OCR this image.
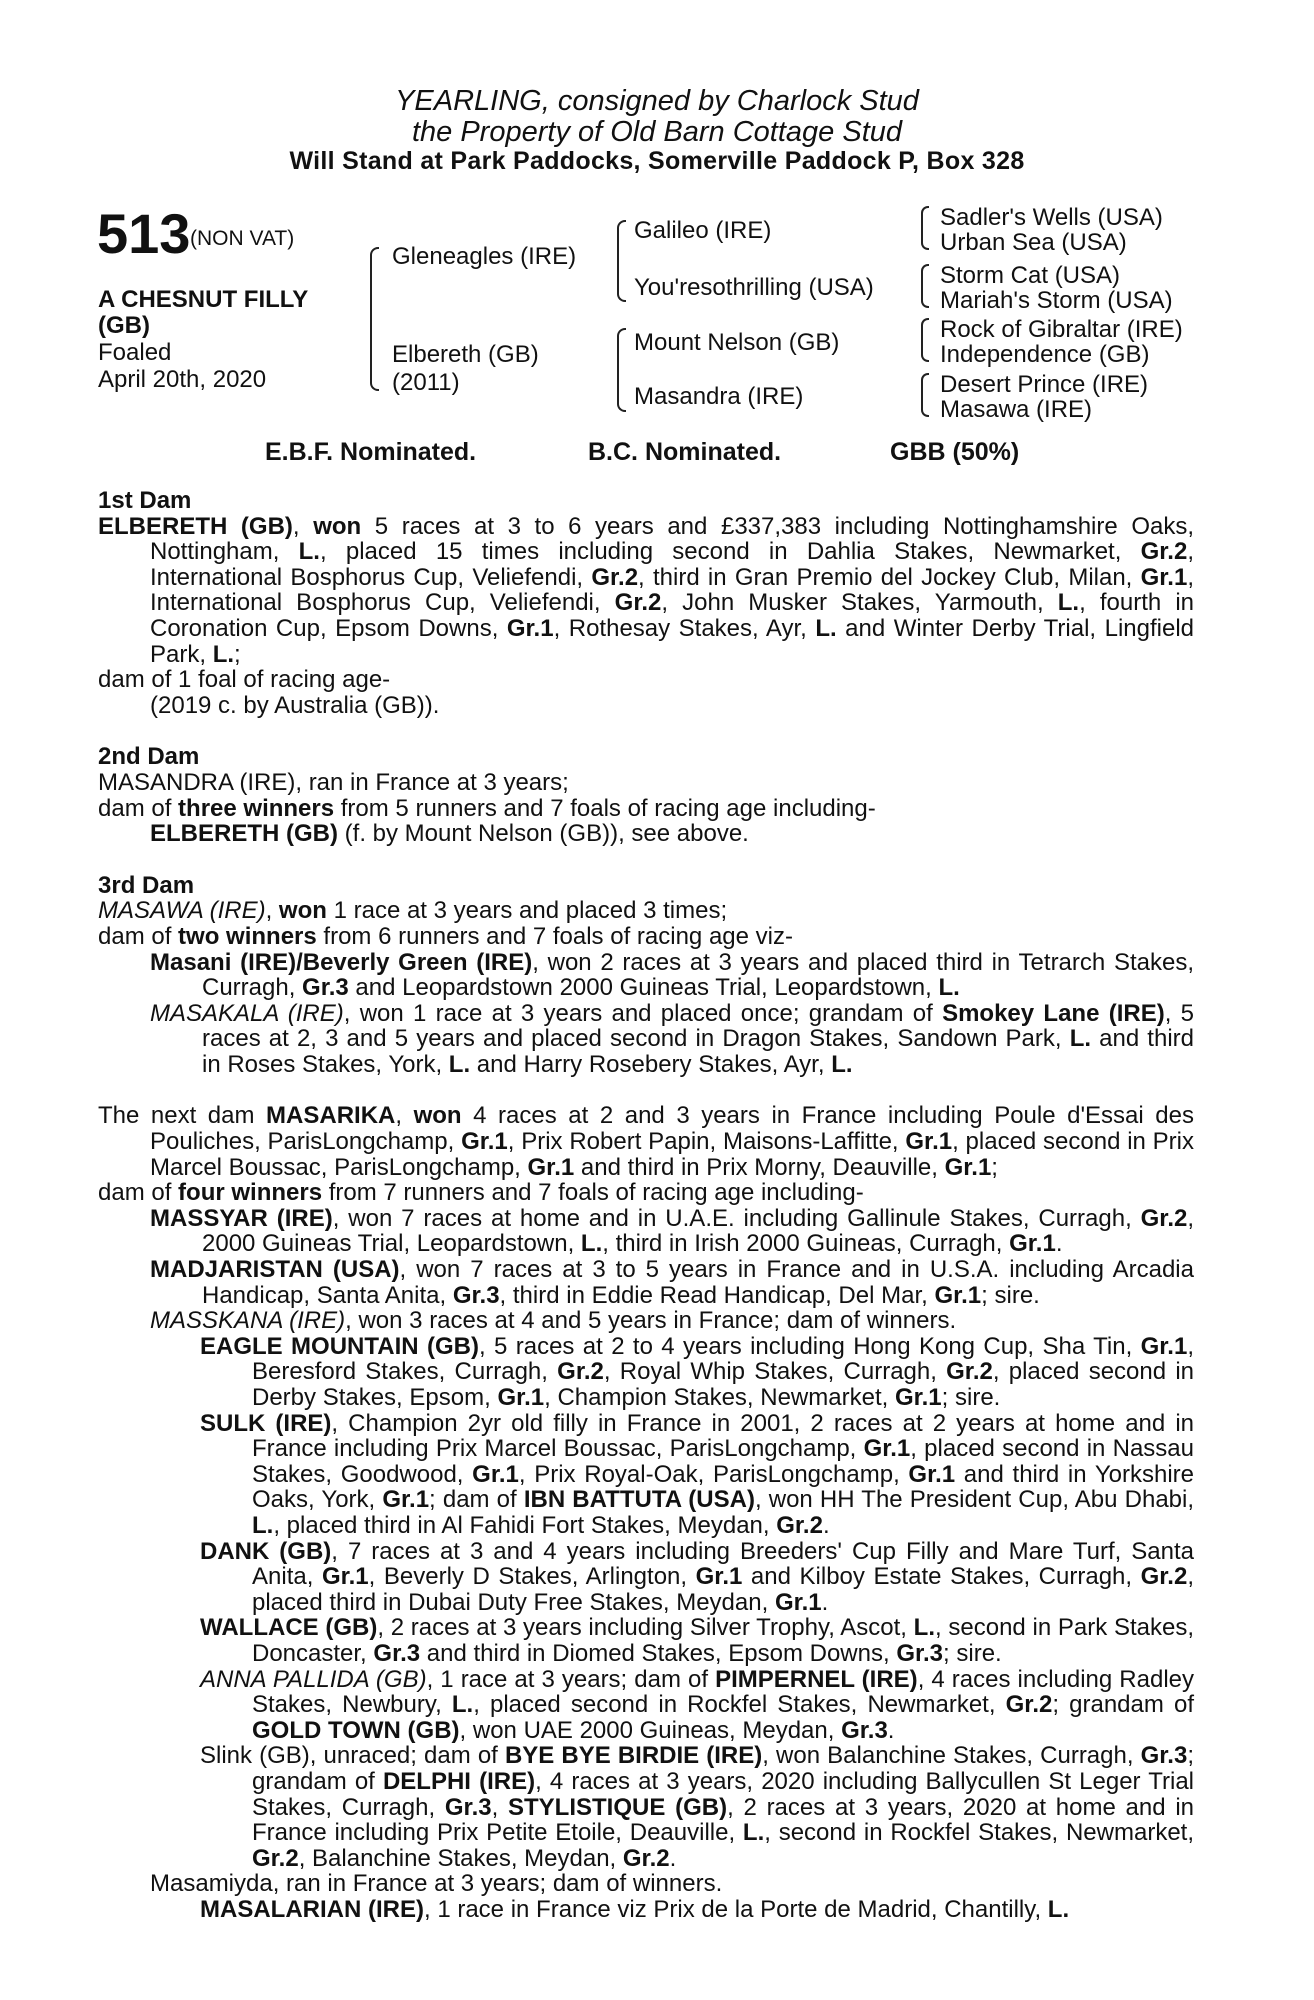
YEARLING, consigned by Charlock Stud
the Property of Old Barn Cottage Stud
Will Stand at Park Paddocks, Somerville Paddock P, Box 328
513 (NON VAT)
A CHESNUT FILLY
(GB)
Foaled
April 20th, 2020
Gleneagles (IRE)
Elbereth (GB)
(2011)
Galileo (IRE)
You'resothrilling (USA)
Mount Nelson (GB)
Masandra (IRE)
Sadler's Wells (USA)
Urban Sea (USA)
Storm Cat (USA)
Mariah's Storm (USA)
Rock of Gibraltar (IRE)
Independence (GB)
Desert Prince (IRE)
Masawa (IRE)
E.B.F. Nominated.	B.C. Nominated.	GBB (50%)
1st Dam

ELBERETH (GB), won 5 races at 3 to 6 years and £337,383 including Nottinghamshire Oaks, Nottingham, L., placed 15 times including second in Dahlia Stakes, Newmarket, Gr.2, International Bosphorus Cup, Veliefendi, Gr.2, third in Gran Premio del Jockey Club, Milan, Gr.1, International Bosphorus Cup, Veliefendi, Gr.2, John Musker Stakes, Yarmouth, L., fourth in Coronation Cup, Epsom Downs, Gr.1, Rothesay Stakes, Ayr, L. and Winter Derby Trial, Lingfield Park, L.;

dam of 1 foal of racing age-

(2019 c. by Australia (GB)).

2nd Dam

MASANDRA (IRE), ran in France at 3 years;

dam of three winners from 5 runners and 7 foals of racing age including-

ELBERETH (GB) (f. by Mount Nelson (GB)), see above.

3rd Dam

MASAWA (IRE), won 1 race at 3 years and placed 3 times;

dam of two winners from 6 runners and 7 foals of racing age viz-

Masani (IRE)/Beverly Green (IRE), won 2 races at 3 years and placed third in Tetrarch Stakes, Curragh, Gr.3 and Leopardstown 2000 Guineas Trial, Leopardstown, L.

MASAKALA (IRE), won 1 race at 3 years and placed once; grandam of Smokey Lane (IRE), 5 races at 2, 3 and 5 years and placed second in Dragon Stakes, Sandown Park, L. and third in Roses Stakes, York, L. and Harry Rosebery Stakes, Ayr, L.

The next dam MASARIKA, won 4 races at 2 and 3 years in France including Poule d'Essai des Pouliches, ParisLongchamp, Gr.1, Prix Robert Papin, Maisons-Laffitte, Gr.1, placed second in Prix Marcel Boussac, ParisLongchamp, Gr.1 and third in Prix Morny, Deauville, Gr.1;

dam of four winners from 7 runners and 7 foals of racing age including-

MASSYAR (IRE), won 7 races at home and in U.A.E. including Gallinule Stakes, Curragh, Gr.2, 2000 Guineas Trial, Leopardstown, L., third in Irish 2000 Guineas, Curragh, Gr.1.

MADJARISTAN (USA), won 7 races at 3 to 5 years in France and in U.S.A. including Arcadia Handicap, Santa Anita, Gr.3, third in Eddie Read Handicap, Del Mar, Gr.1; sire.

MASSKANA (IRE), won 3 races at 4 and 5 years in France; dam of winners.

EAGLE MOUNTAIN (GB), 5 races at 2 to 4 years including Hong Kong Cup, Sha Tin, Gr.1, Beresford Stakes, Curragh, Gr.2, Royal Whip Stakes, Curragh, Gr.2, placed second in Derby Stakes, Epsom, Gr.1, Champion Stakes, Newmarket, Gr.1; sire.

SULK (IRE), Champion 2yr old filly in France in 2001, 2 races at 2 years at home and in France including Prix Marcel Boussac, ParisLongchamp, Gr.1, placed second in Nassau Stakes, Goodwood, Gr.1, Prix Royal-Oak, ParisLongchamp, Gr.1 and third in Yorkshire Oaks, York, Gr.1; dam of IBN BATTUTA (USA), won HH The President Cup, Abu Dhabi, L., placed third in Al Fahidi Fort Stakes, Meydan, Gr.2.

DANK (GB), 7 races at 3 and 4 years including Breeders' Cup Filly and Mare Turf, Santa Anita, Gr.1, Beverly D Stakes, Arlington, Gr.1 and Kilboy Estate Stakes, Curragh, Gr.2, placed third in Dubai Duty Free Stakes, Meydan, Gr.1.

WALLACE (GB), 2 races at 3 years including Silver Trophy, Ascot, L., second in Park Stakes, Doncaster, Gr.3 and third in Diomed Stakes, Epsom Downs, Gr.3; sire.

ANNA PALLIDA (GB), 1 race at 3 years; dam of PIMPERNEL (IRE), 4 races including Radley Stakes, Newbury, L., placed second in Rockfel Stakes, Newmarket, Gr.2; grandam of GOLD TOWN (GB), won UAE 2000 Guineas, Meydan, Gr.3.

Slink (GB), unraced; dam of BYE BYE BIRDIE (IRE), won Balanchine Stakes, Curragh, Gr.3; grandam of DELPHI (IRE), 4 races at 3 years, 2020 including Ballycullen St Leger Trial Stakes, Curragh, Gr.3, STYLISTIQUE (GB), 2 races at 3 years, 2020 at home and in France including Prix Petite Etoile, Deauville, L., second in Rockfel Stakes, Newmarket, Gr.2, Balanchine Stakes, Meydan, Gr.2.

Masamiyda, ran in France at 3 years; dam of winners.

MASALARIAN (IRE), 1 race in France viz Prix de la Porte de Madrid, Chantilly, L.
